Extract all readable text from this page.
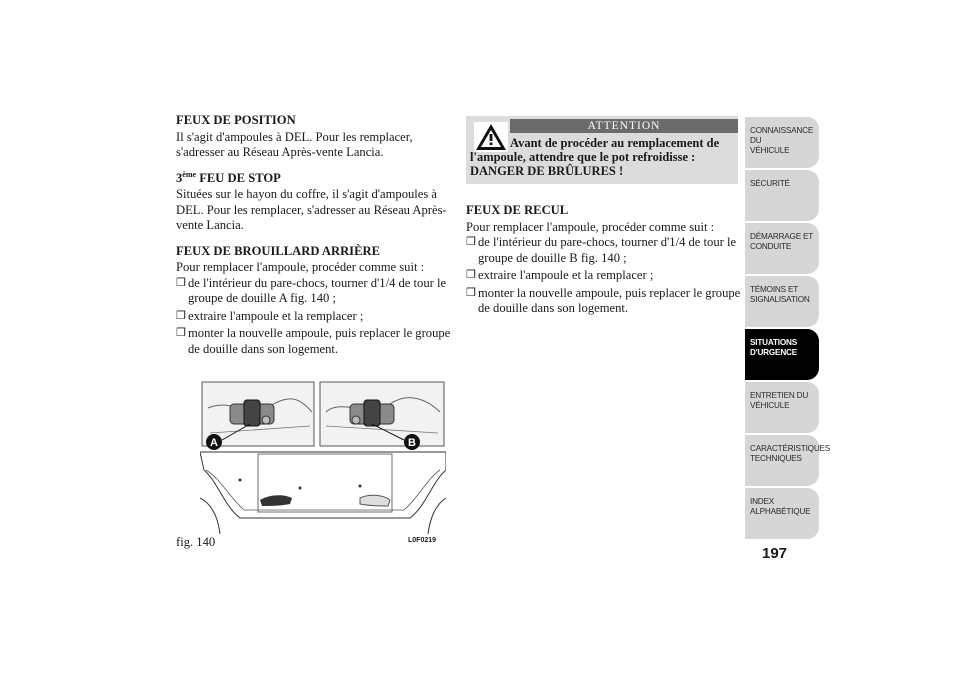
FEUX DE POSITION

Il s'agit d'ampoules à DEL. Pour les remplacer, s'adresser au Réseau Après-vente Lancia.

3ème FEU DE STOP

Situées sur le hayon du coffre, il s'agit d'ampoules à DEL. Pour les remplacer, s'adresser au Réseau Après-vente Lancia.

FEUX DE BROUILLARD ARRIÈRE

Pour remplacer l'ampoule, procéder comme suit :

❒ de l'intérieur du pare-chocs, tourner d'1/4 de tour le groupe de douille A fig. 140 ;
❒ extraire l'ampoule et la remplacer ;
❒ monter la nouvelle ampoule, puis replacer le groupe de douille dans son logement.
ATTENTION
Avant de procéder au remplacement de l'ampoule, attendre que le pot refroidisse : DANGER DE BRÛLURES !
FEUX DE RECUL

Pour remplacer l'ampoule, procéder comme suit :

❒ de l'intérieur du pare-chocs, tourner d'1/4 de tour le groupe de douille B fig. 140 ;
❒ extraire l'ampoule et la remplacer ;
❒ monter la nouvelle ampoule, puis replacer le groupe de douille dans son logement.
A	B
fig. 140	L0F0219
CONNAISSANCE DU
VÉHICULE
SÉCURITÉ
DÉMARRAGE ET
CONDUITE
TÉMOINS ET
SIGNALISATION
SITUATIONS
D'URGENCE
ENTRETIEN DU
VÉHICULE
CARACTÉRISTIQUES
TECHNIQUES
INDEX
ALPHABÉTIQUE
197
